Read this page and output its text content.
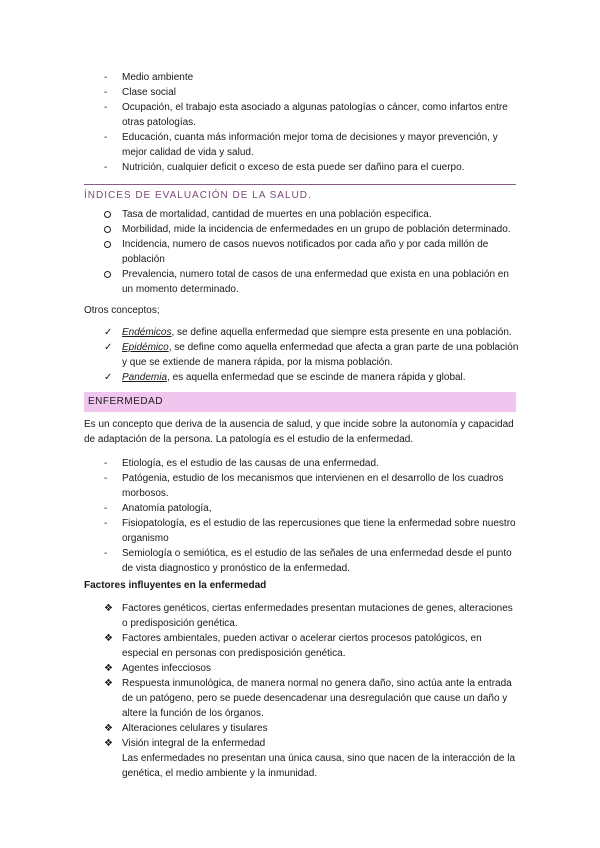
-	Medio ambiente
-	Clase social
-	Ocupación, el trabajo esta asociado a algunas patologías o cáncer, como infartos entre otras patologías.
-	Educación, cuanta más información mejor toma de decisiones y mayor prevención, y mejor calidad de vida y salud.
-	Nutrición, cualquier deficit o exceso de esta puede ser dañino para el cuerpo.
ÍNDICES DE EVALUACIÓN DE LA SALUD.
Tasa de mortalidad, cantidad de muertes en una población especifica.
Morbilidad, mide la incidencia de enfermedades en un grupo de población determinado.
Incidencia, numero de casos nuevos notificados por cada año y por cada millón de población
Prevalencia, numero total de casos de una enfermedad que exista en una población en un momento determinado.
Otros conceptos;
✓ Endémicos, se define aquella enfermedad que siempre esta presente en una población.
✓ Epidémico, se define como aquella enfermedad que afecta a gran parte de una población y que se extiende de manera rápida, por la misma población.
✓ Pandemia, es aquella enfermedad que se escinde de manera rápida y global.
ENFERMEDAD
Es un concepto que deriva de la ausencia de salud, y que incide sobre la autonomía y capacidad de adaptación de la persona. La patología es el estudio de la enfermedad.
-	Etiología, es el estudio de las causas de una enfermedad.
-	Patógenia, estudio de los mecanismos que intervienen en el desarrollo de los cuadros morbosos.
-	Anatomía patología,
-	Fisiopatología, es el estudio de las repercusiones que tiene la enfermedad sobre nuestro organismo
-	Semiología o semiótica, es el estudio de las señales de una enfermedad desde el punto de vista diagnostico y pronóstico de la enfermedad.
Factores influyentes en la enfermedad
❖ Factores genéticos, ciertas enfermedades presentan mutaciones de genes, alteraciones o predisposición genética.
❖ Factores ambientales, pueden activar o acelerar ciertos procesos patológicos, en especial en personas con predisposición genética.
❖ Agentes infecciosos
❖ Respuesta inmunológica, de manera normal no genera daño, sino actúa ante la entrada de un patógeno, pero se puede desencadenar una desregulación que cause un daño y altere la función de los órganos.
❖ Alteraciones celulares y tisulares
❖ Visión integral de la enfermedad
Las enfermedades no presentan una única causa, sino que nacen de la interacción de la genética, el medio ambiente y la inmunidad.
